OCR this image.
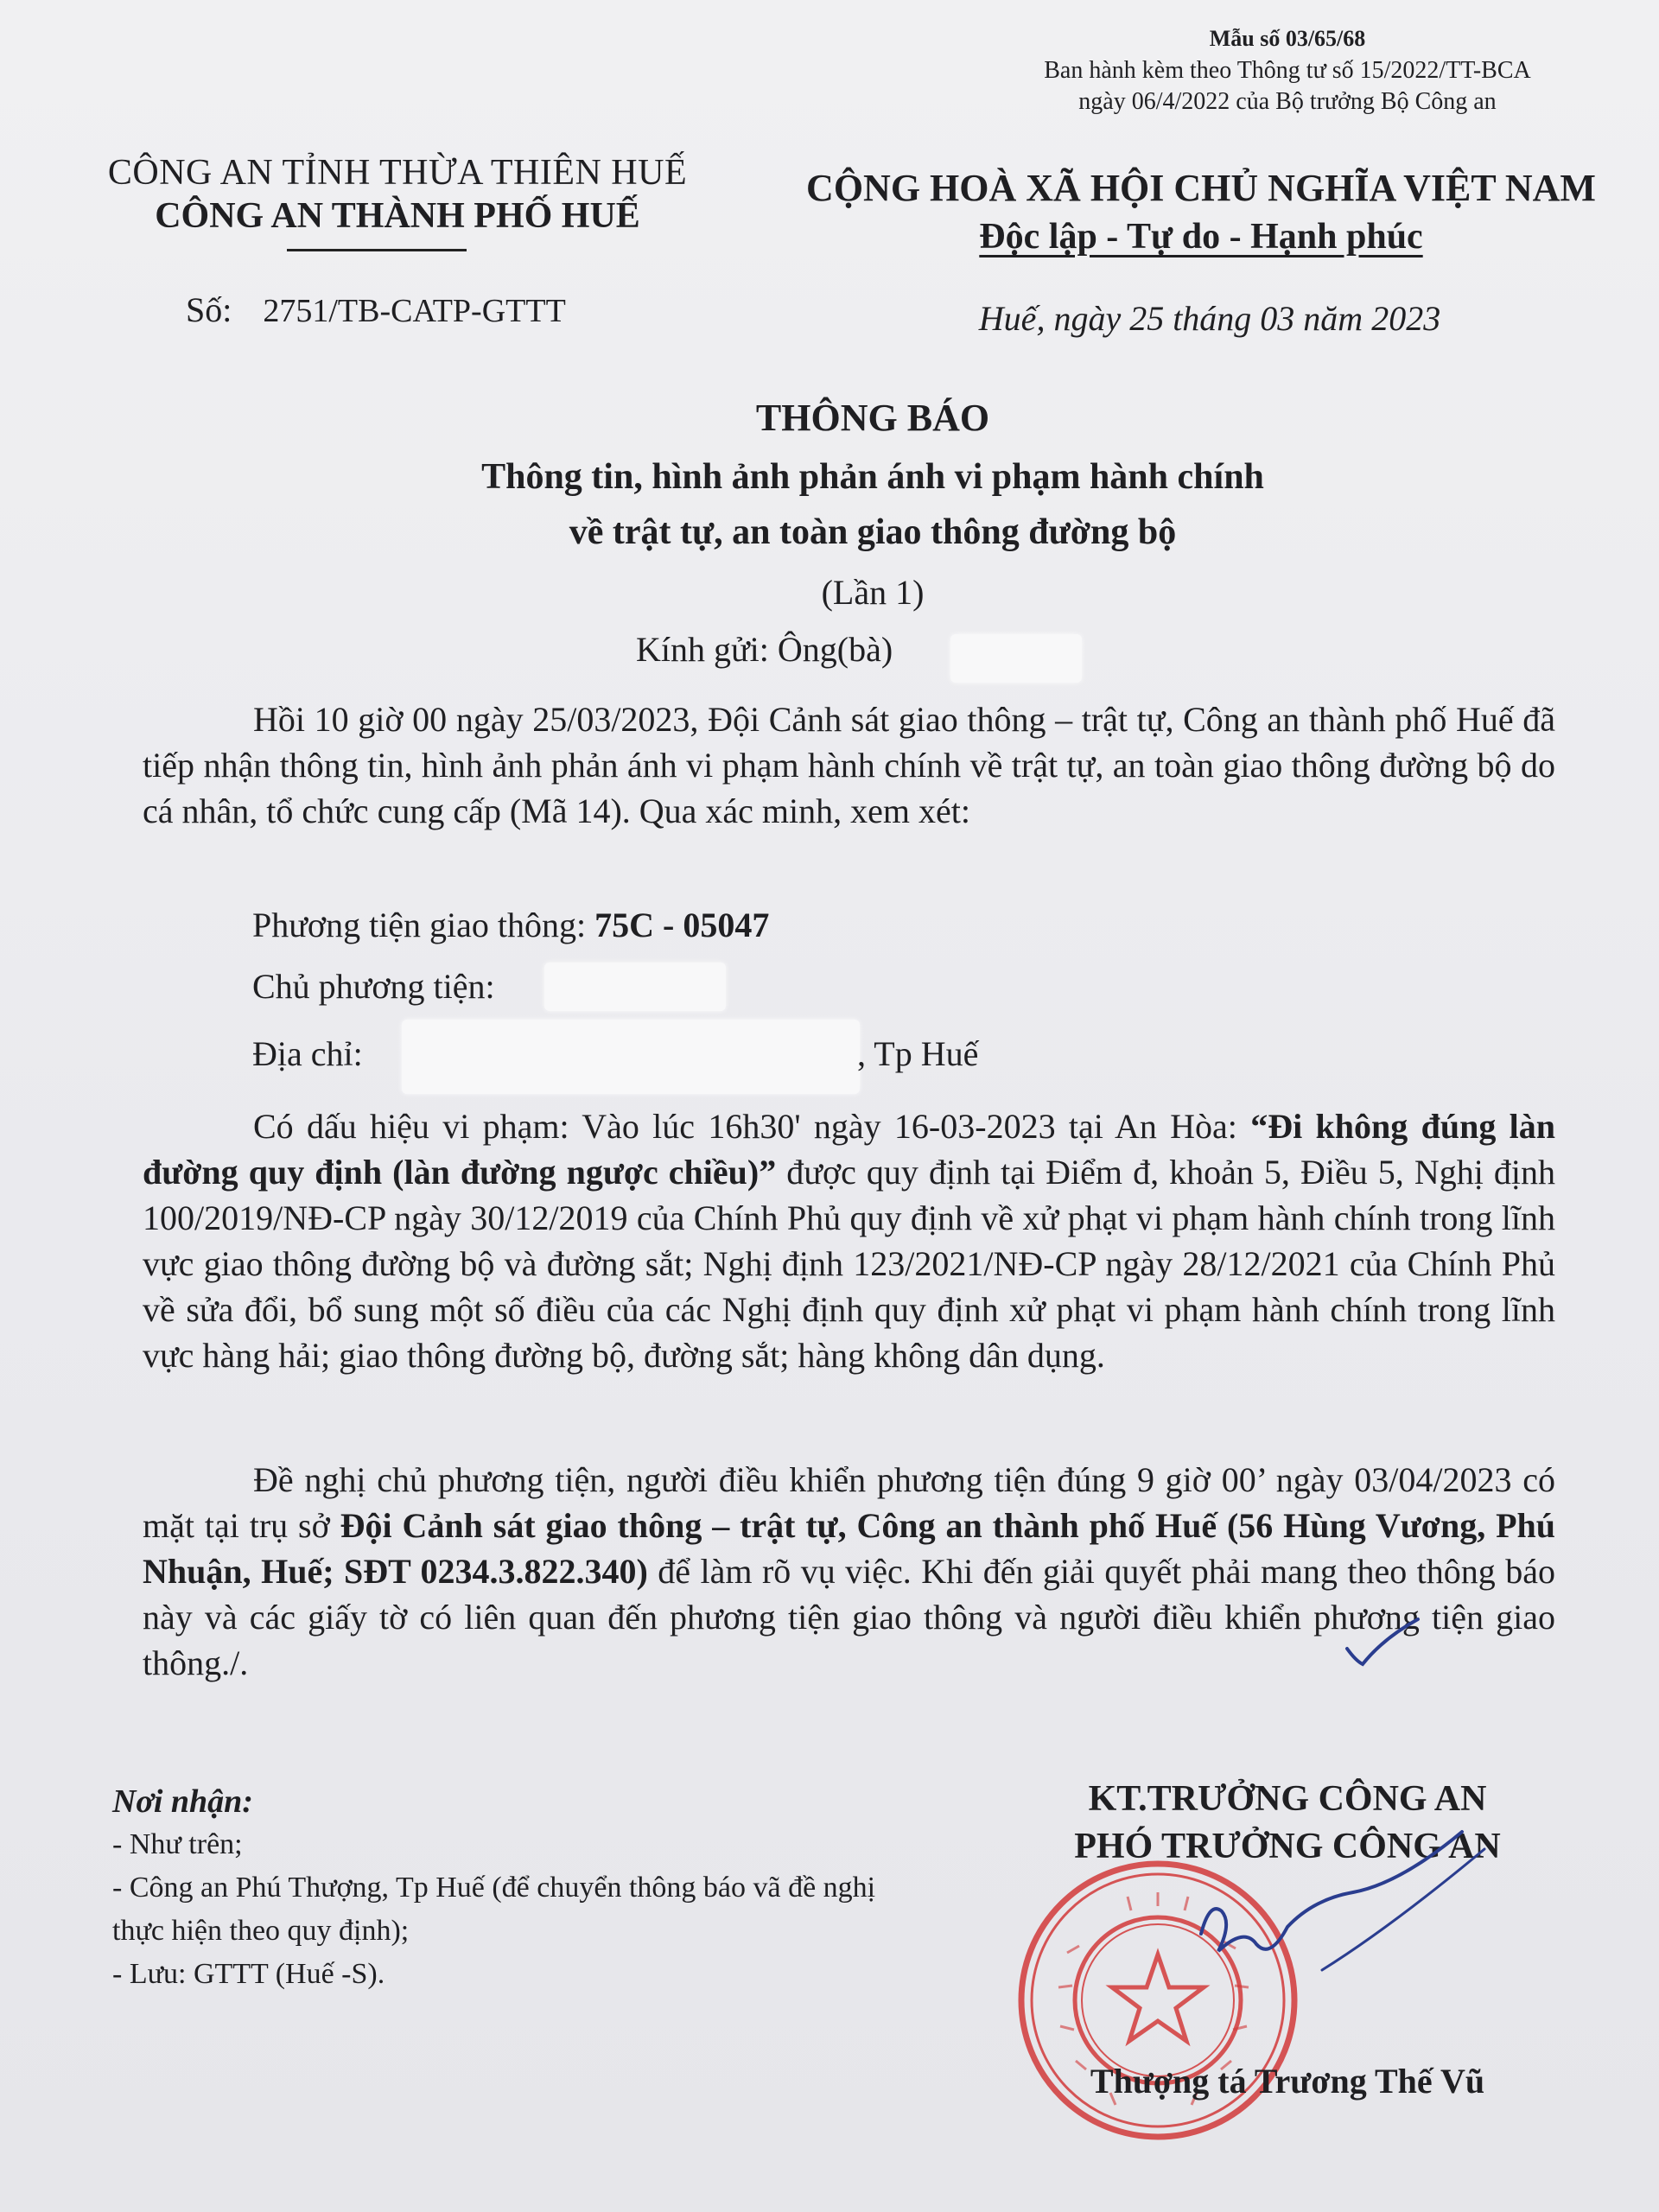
Mẫu số 03/65/68
Ban hành kèm theo Thông tư số 15/2022/TT-BCA
ngày 06/4/2022 của Bộ trưởng Bộ Công an
CÔNG AN TỈNH THỪA THIÊN HUẾ
CÔNG AN THÀNH PHỐ HUẾ
Số: 2751/TB-CATP-GTTT
CỘNG HOÀ XÃ HỘI CHỦ NGHĨA VIỆT NAM
Độc lập - Tự do - Hạnh phúc
Huế, ngày 25 tháng 03 năm 2023
THÔNG BÁO
Thông tin, hình ảnh phản ánh vi phạm hành chính
về trật tự, an toàn giao thông đường bộ
(Lần 1)
Kính gửi: Ông(bà)
Hồi 10 giờ 00 ngày 25/03/2023, Đội Cảnh sát giao thông – trật tự, Công an thành phố Huế đã tiếp nhận thông tin, hình ảnh phản ánh vi phạm hành chính về trật tự, an toàn giao thông đường bộ do cá nhân, tổ chức cung cấp (Mã 14). Qua xác minh, xem xét:
Phương tiện giao thông: 75C - 05047
Chủ phương tiện:
Địa chỉ:	, Tp Huế
Có dấu hiệu vi phạm: Vào lúc 16h30' ngày 16-03-2023 tại An Hòa: “Đi không đúng làn đường quy định (làn đường ngược chiều)” được quy định tại Điểm đ, khoản 5, Điều 5, Nghị định 100/2019/NĐ-CP ngày 30/12/2019 của Chính Phủ quy định về xử phạt vi phạm hành chính trong lĩnh vực giao thông đường bộ và đường sắt; Nghị định 123/2021/NĐ-CP ngày 28/12/2021 của Chính Phủ về sửa đổi, bổ sung một số điều của các Nghị định quy định xử phạt vi phạm hành chính trong lĩnh vực hàng hải; giao thông đường bộ, đường sắt; hàng không dân dụng.
Đề nghị chủ phương tiện, người điều khiển phương tiện đúng 9 giờ 00’ ngày 03/04/2023 có mặt tại trụ sở Đội Cảnh sát giao thông – trật tự, Công an thành phố Huế (56 Hùng Vương, Phú Nhuận, Huế; SĐT 0234.3.822.340) để làm rõ vụ việc. Khi đến giải quyết phải mang theo thông báo này và các giấy tờ có liên quan đến phương tiện giao thông và người điều khiển phương tiện giao thông./.
Nơi nhận:
- Như trên;
- Công an Phú Thượng, Tp Huế (để chuyển thông báo vã đề nghị thực hiện theo quy định);
- Lưu: GTTT (Huế -S).
KT.TRƯỞNG CÔNG AN
PHÓ TRƯỞNG CÔNG AN
Thượng tá Trương Thế Vũ
